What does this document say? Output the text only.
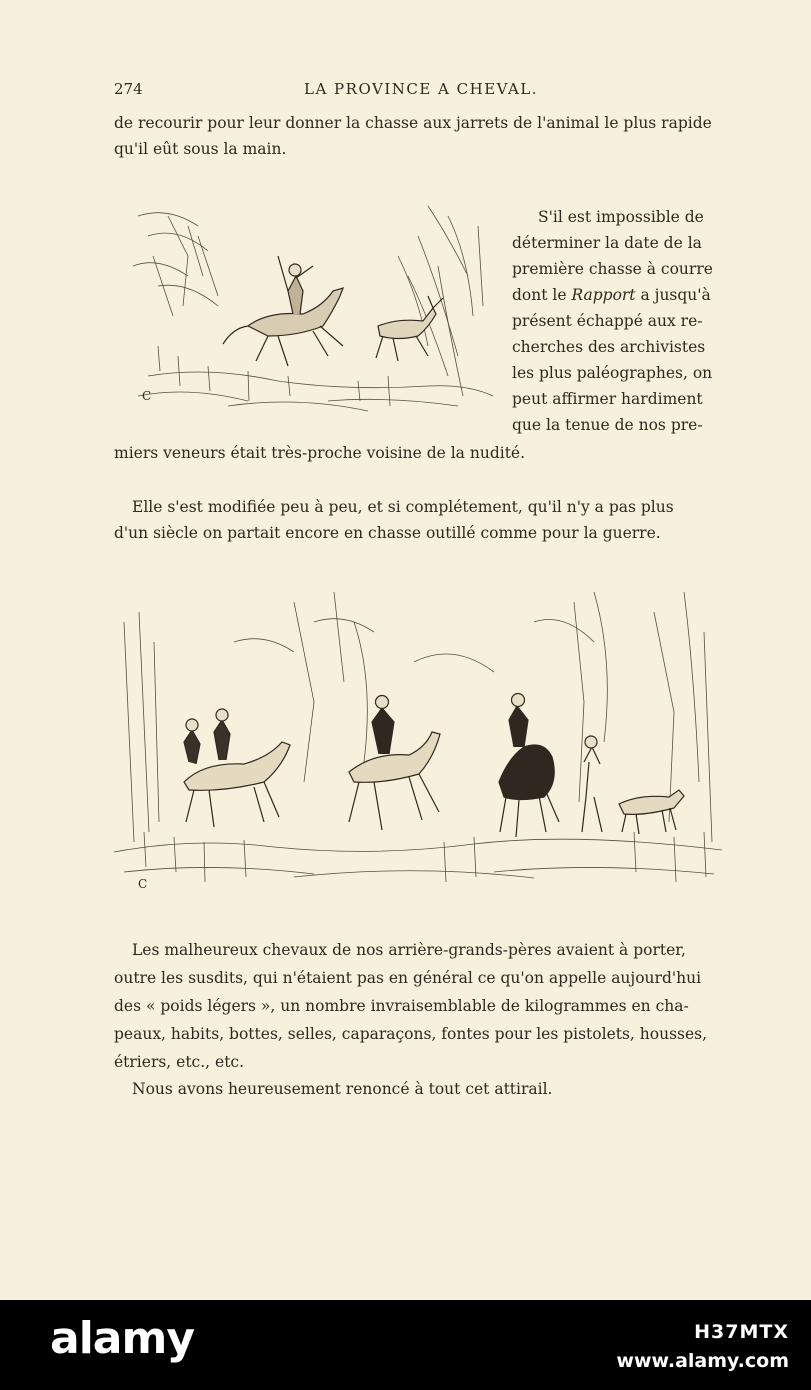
274	LA PROVINCE A CHEVAL.
de recourir pour leur donner la chasse aux jarrets de l'animal le plus rapide
qu'il eût sous la main.
C
S'il est impossible de
déterminer la date de la
première chasse à courre
dont le Rapport a jusqu'à
présent échappé aux re-
cherches des archivistes
les plus paléographes, on
peut affirmer hardiment
que la tenue de nos pre-
miers veneurs était très-proche voisine de la nudité.
Elle s'est modifiée peu à peu, et si complétement, qu'il n'y a pas plus
d'un siècle on partait encore en chasse outillé comme pour la guerre.
C
Les malheureux chevaux de nos arrière-grands-pères avaient à porter,
outre les susdits, qui n'étaient pas en général ce qu'on appelle aujourd'hui
des « poids légers », un nombre invraisemblable de kilogrammes en cha-
peaux, habits, bottes, selles, caparaçons, fontes pour les pistolets, housses,
étriers, etc., etc.
Nous avons heureusement renoncé à tout cet attirail.
alamy	H37MTX
www.alamy.com
